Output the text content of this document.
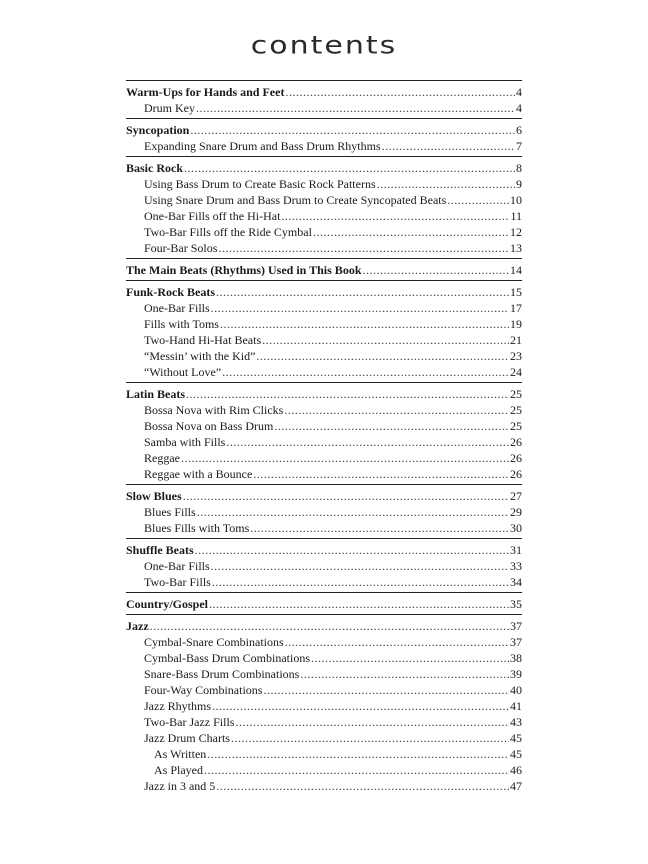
contents
Warm-Ups for Hands and Feet .....	4
Drum Key .....	4
Syncopation .....	6
Expanding Snare Drum and Bass Drum Rhythms .....	7
Basic Rock .....	8
Using Bass Drum to Create Basic Rock Patterns .....	9
Using Snare Drum and Bass Drum to Create Syncopated Beats .....	10
One-Bar Fills off the Hi-Hat .....	11
Two-Bar Fills off the Ride Cymbal .....	12
Four-Bar Solos .....	13
The Main Beats (Rhythms) Used in This Book .....	14
Funk-Rock Beats .....	15
One-Bar Fills .....	17
Fills with Toms .....	19
Two-Hand Hi-Hat Beats .....	21
“Messin’ with the Kid” .....	23
“Without Love” .....	24
Latin Beats .....	25
Bossa Nova with Rim Clicks .....	25
Bossa Nova on Bass Drum .....	25
Samba with Fills .....	26
Reggae .....	26
Reggae with a Bounce .....	26
Slow Blues .....	27
Blues Fills .....	29
Blues Fills with Toms .....	30
Shuffle Beats .....	31
One-Bar Fills .....	33
Two-Bar Fills .....	34
Country/Gospel .....	35
Jazz .....	37
Cymbal-Snare Combinations .....	37
Cymbal-Bass Drum Combinations .....	38
Snare-Bass Drum Combinations .....	39
Four-Way Combinations .....	40
Jazz Rhythms .....	41
Two-Bar Jazz Fills .....	43
Jazz Drum Charts .....	45
As Written .....	45
As Played .....	46
Jazz in 3 and 5 .....	47
